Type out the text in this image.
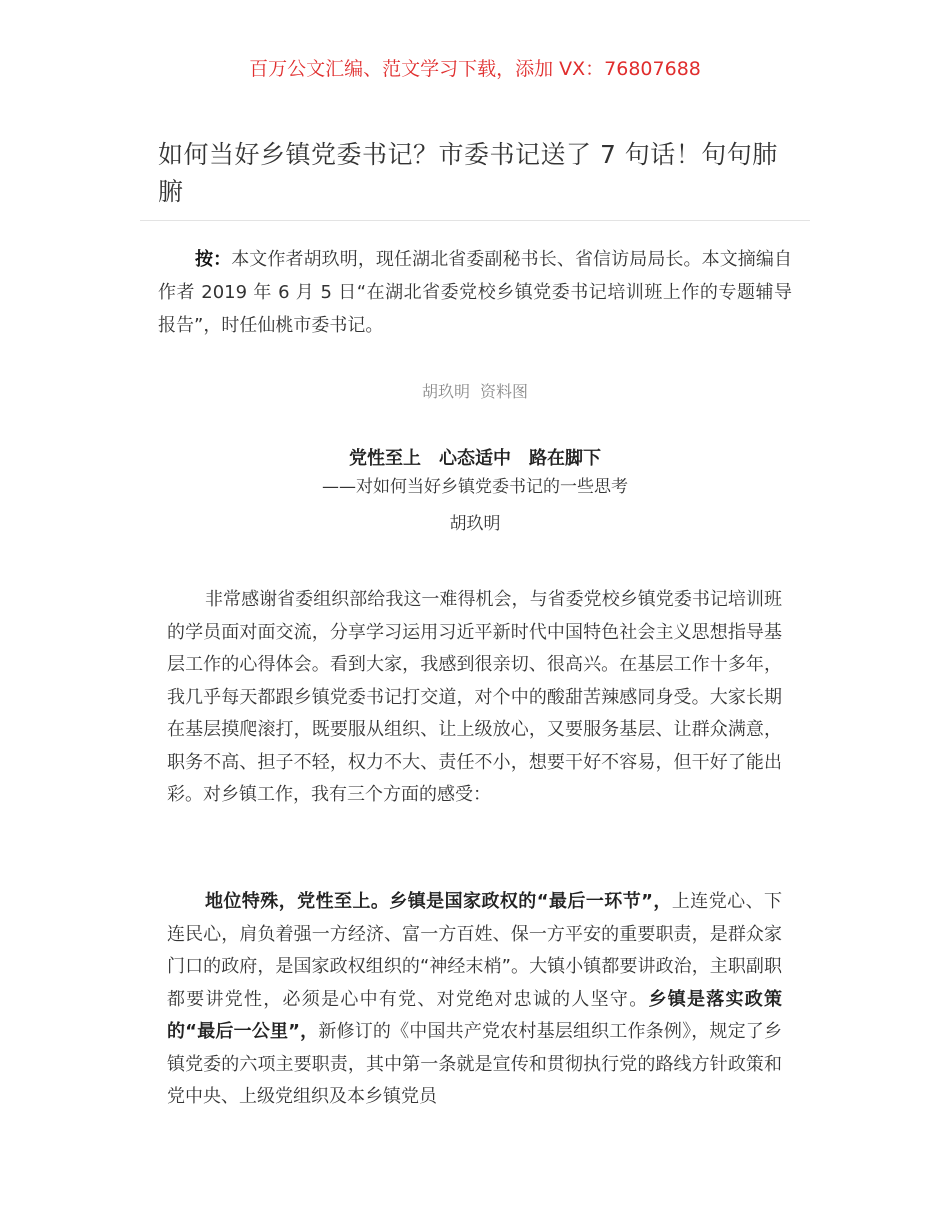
百万公文汇编、范文学习下载，添加 VX：76807688
如何当好乡镇党委书记？市委书记送了 7 句话！句句肺腑

按：本文作者胡玖明，现任湖北省委副秘书长、省信访局局长。本文摘编自作者 2019 年 6 月 5 日“在湖北省委党校乡镇党委书记培训班上作的专题辅导报告”，时任仙桃市委书记。

胡玖明 资料图
党性至上　心态适中　路在脚下
——对如何当好乡镇党委书记的一些思考
胡玖明

非常感谢省委组织部给我这一难得机会，与省委党校乡镇党委书记培训班的学员面对面交流，分享学习运用习近平新时代中国特色社会主义思想指导基层工作的心得体会。看到大家，我感到很亲切、很高兴。在基层工作十多年，我几乎每天都跟乡镇党委书记打交道，对个中的酸甜苦辣感同身受。大家长期在基层摸爬滚打，既要服从组织、让上级放心，又要服务基层、让群众满意，职务不高、担子不轻，权力不大、责任不小，想要干好不容易，但干好了能出彩。对乡镇工作，我有三个方面的感受：

地位特殊，党性至上。乡镇是国家政权的“最后一环节”，上连党心、下连民心，肩负着强一方经济、富一方百姓、保一方平安的重要职责，是群众家门口的政府，是国家政权组织的“神经末梢”。大镇小镇都要讲政治，主职副职都要讲党性，必须是心中有党、对党绝对忠诚的人坚守。乡镇是落实政策的“最后一公里”，新修订的《中国共产党农村基层组织工作条例》，规定了乡镇党委的六项主要职责，其中第一条就是宣传和贯彻执行党的路线方针政策和党中央、上级党组织及本乡镇党员
